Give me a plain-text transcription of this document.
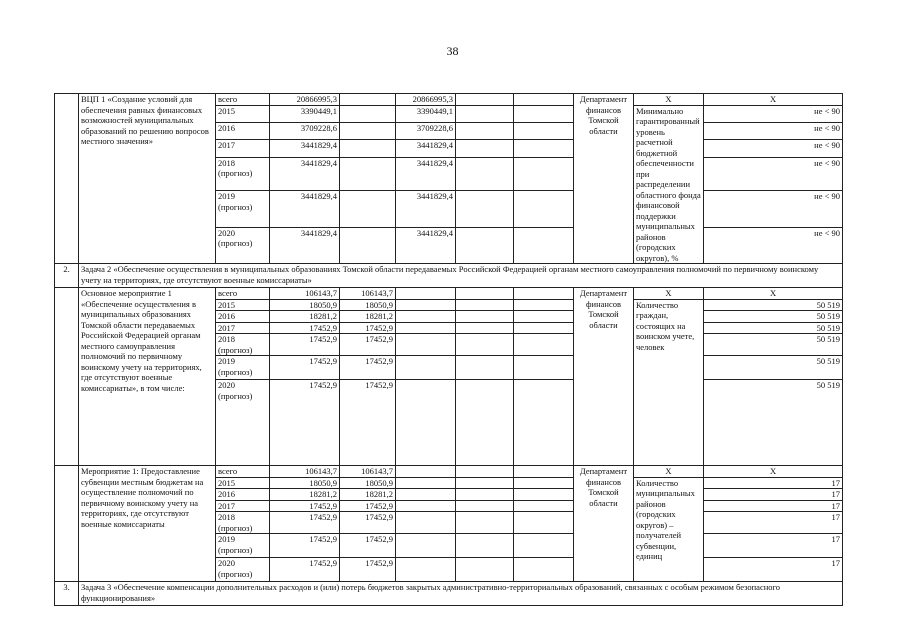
38
	ВЦП 1 «Создание условий для обеспечения равных финансовых возможностей муниципальных образований по решению вопросов местного значения»	всего	20866995,3		20866995,3			Департамент финансов Томской области	X	X
		2015	3390449,1		3390449,1				Минимально гарантированный уровень расчетной бюджетной обеспеченности при распределении областного фонда финансовой поддержки муниципальных районов (городских округов), %	не < 90
		2016	3709228,6		3709228,6					не < 90
		2017	3441829,4		3441829,4					не < 90
		2018 (прогноз)	3441829,4		3441829,4					не < 90
		2019 (прогноз)	3441829,4		3441829,4					не < 90
		2020 (прогноз)	3441829,4		3441829,4					не < 90
2.	Задача 2 «Обеспечение осуществления в муниципальных образованиях Томской области передаваемых Российской Федерацией органам местного самоуправления полномочий по первичному воинскому учету на территориях, где отсутствуют военные комиссариаты»									
	Основное мероприятие 1 «Обеспечение осуществления в муниципальных образованиях Томской области передаваемых Российской Федерацией органам местного самоуправления полномочий по первичному воинскому учету на территориях, где отсутствуют военные комиссариаты», в том числе:	всего	106143,7	106143,7				Департамент финансов Томской области	X	X
		2015	18050,9	18050,9					Количество граждан, состоящих на воинском учете, человек	50 519
		2016	18281,2	18281,2						50 519
		2017	17452,9	17452,9						50 519
		2018 (прогноз)	17452,9	17452,9						50 519
		2019 (прогноз)	17452,9	17452,9						50 519
		2020 (прогноз)	17452,9	17452,9						50 519
	Мероприятие 1: Предоставление субвенции местным бюджетам на осуществление полномочий по первичному воинскому учету на территориях, где отсутствуют военные комиссариаты	всего	106143,7	106143,7				Департамент финансов Томской области	X	X
		2015	18050,9	18050,9					Количество муниципальных районов (городских округов) – получателей субвенции, единиц	17
		2016	18281,2	18281,2						17
		2017	17452,9	17452,9						17
		2018 (прогноз)	17452,9	17452,9						17
		2019 (прогноз)	17452,9	17452,9						17
		2020 (прогноз)	17452,9	17452,9						17
3.	Задача 3 «Обеспечение компенсации дополнительных расходов и (или) потерь бюджетов закрытых административно-территориальных образований, связанных с особым режимом безопасного функционирования»									
